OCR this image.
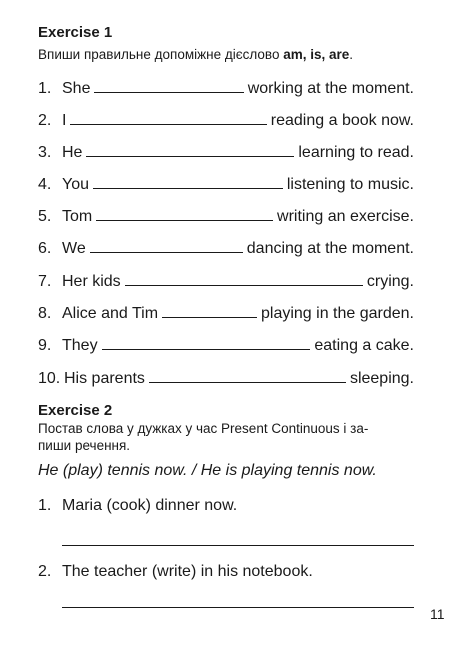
Exercise 1
Впиши правильне допоміжне дієслово am, is, are.
1. She	working at the moment.
2. I	reading a book now.
3. He	learning to read.
4. You	listening to music.
5. Tom	writing an exercise.
6. We	dancing at the moment.
7. Her kids	crying.
8. Alice and Tim	playing in the garden.
9. They	eating a cake.
10. His parents	sleeping.
Exercise 2
Постав слова у дужках у час Present Continuous і за-
пиши речення.
He (play) tennis now. / He is playing tennis now.
1. Maria (cook) dinner now.
2. The teacher (write) in his notebook.
11
